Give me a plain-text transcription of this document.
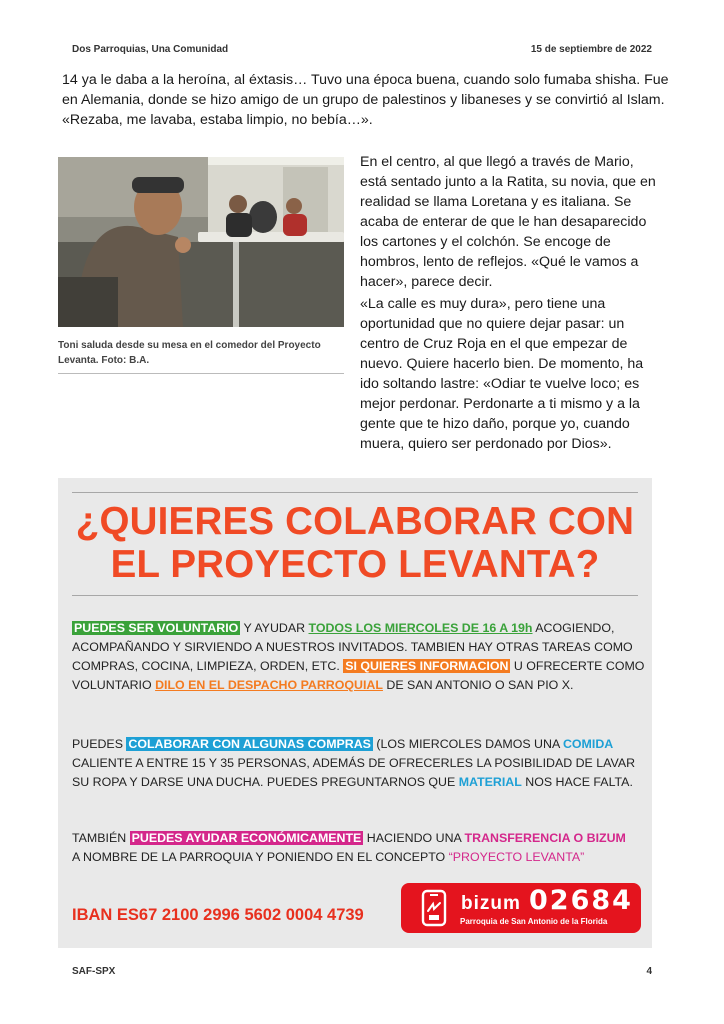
Dos Parroquias, Una Comunidad	15 de septiembre de 2022

14 ya le daba a la heroína, al éxtasis… Tuvo una época buena, cuando solo fumaba shisha. Fue en Alemania, donde se hizo amigo de un grupo de palestinos y libaneses y se convirtió al Islam. «Rezaba, me lavaba, estaba limpio, no bebía…».

Toni saluda desde su mesa en el comedor del Proyecto Levanta. Foto: B.A.

En el centro, al que llegó a través de Mario, está sentado junto a la Ratita, su novia, que en realidad se llama Loretana y es italiana. Se acaba de enterar de que le han desaparecido los cartones y el colchón. Se encoge de hombros, lento de reflejos. «Qué le vamos a hacer», parece decir.

«La calle es muy dura», pero tiene una oportunidad que no quiere dejar pasar: un centro de Cruz Roja en el que empezar de nuevo. Quiere hacerlo bien. De momento, ha ido soltando lastre: «Odiar te vuelve loco; es mejor perdonar. Perdonarte a ti mismo y a la gente que te hizo daño, porque yo, cuando muera, quiero ser perdonado por Dios».

¿QUIERES COLABORAR CON
EL PROYECTO LEVANTA?

PUEDES SER VOLUNTARIO Y AYUDAR TODOS LOS MIERCOLES DE 16 A 19h ACOGIENDO, ACOMPAÑANDO Y SIRVIENDO A NUESTROS INVITADOS. TAMBIEN HAY OTRAS TAREAS COMO COMPRAS, COCINA, LIMPIEZA, ORDEN, ETC. SI QUIERES INFORMACION U OFRECERTE COMO VOLUNTARIO DILO EN EL DESPACHO PARROQUIAL DE SAN ANTONIO O SAN PIO X.

PUEDES COLABORAR CON ALGUNAS COMPRAS (LOS MIERCOLES DAMOS UNA COMIDA CALIENTE A ENTRE 15 Y 35 PERSONAS, ADEMÁS DE OFRECERLES LA POSIBILIDAD DE LAVAR SU ROPA Y DARSE UNA DUCHA. PUEDES PREGUNTARNOS QUE MATERIAL NOS HACE FALTA.

TAMBIÉN PUEDES AYUDAR ECONÓMICAMENTE HACIENDO UNA TRANSFERENCIA O BIZUM A NOMBRE DE LA PARROQUIA Y PONIENDO EN EL CONCEPTO “PROYECTO LEVANTA”

IBAN ES67 2100 2996 5602 0004 4739
bizum 02684
Parroquia de San Antonio de la Florida
SAF-SPX	4
